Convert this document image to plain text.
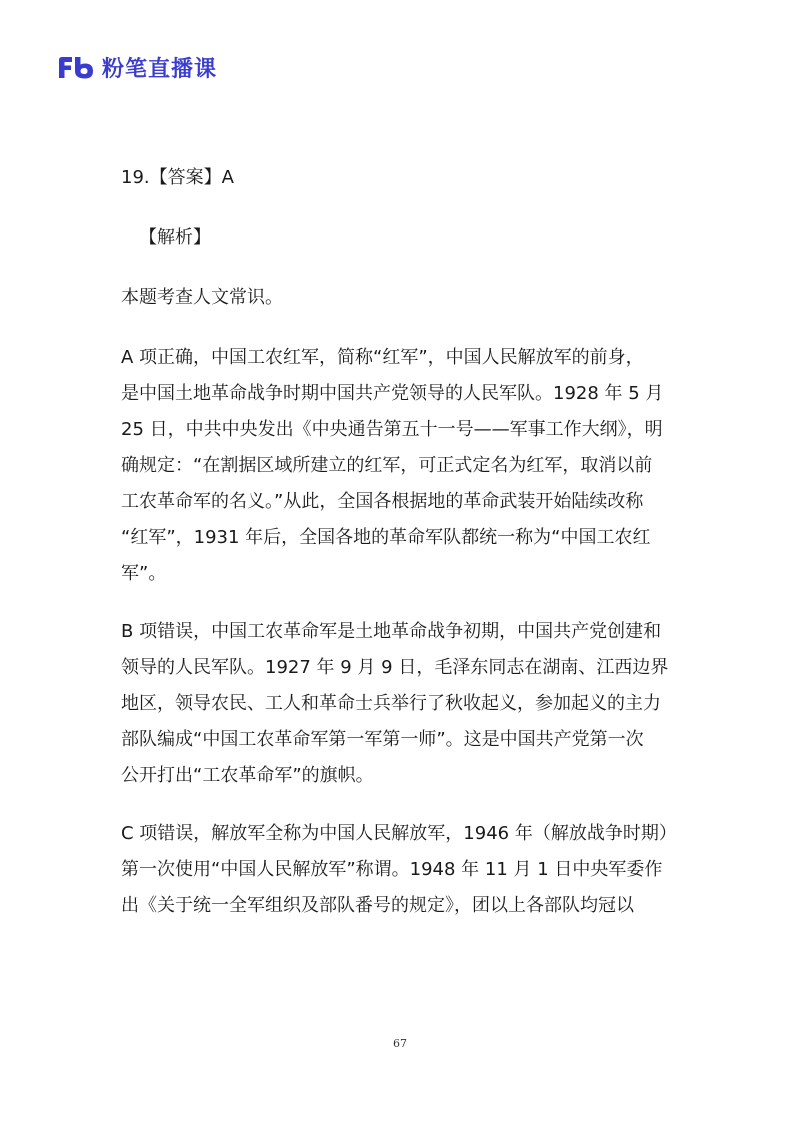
粉笔直播课
19.【答案】A
【解析】
本题考查人文常识。
A 项正确，中国工农红军，简称“红军”，中国人民解放军的前身，
是中国土地革命战争时期中国共产党领导的人民军队。1928 年 5 月
25 日，中共中央发出《中央通告第五十一号——军事工作大纲》，明
确规定：“在割据区域所建立的红军，可正式定名为红军，取消以前
工农革命军的名义。”从此，全国各根据地的革命武装开始陆续改称
“红军”，1931 年后，全国各地的革命军队都统一称为“中国工农红
军”。
B 项错误，中国工农革命军是土地革命战争初期，中国共产党创建和
领导的人民军队。1927 年 9 月 9 日，毛泽东同志在湖南、江西边界
地区，领导农民、工人和革命士兵举行了秋收起义，参加起义的主力
部队编成“中国工农革命军第一军第一师”。这是中国共产党第一次
公开打出“工农革命军”的旗帜。
C 项错误，解放军全称为中国人民解放军，1946 年（解放战争时期）
第一次使用“中国人民解放军”称谓。1948 年 11 月 1 日中央军委作
出《关于统一全军组织及部队番号的规定》，团以上各部队均冠以
67
